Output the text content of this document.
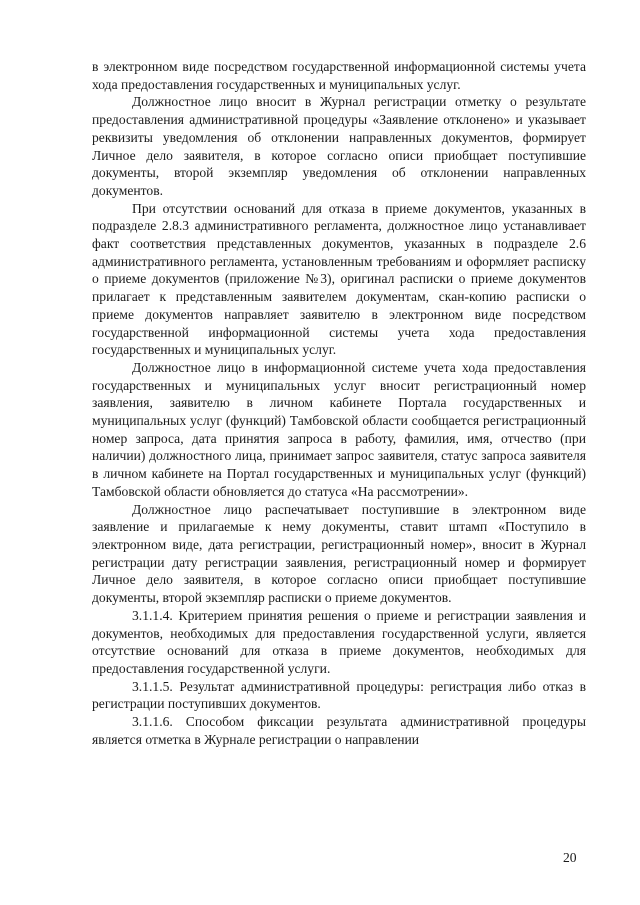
в электронном виде посредством государственной информационной системы учета хода предоставления государственных и муниципальных услуг.

Должностное лицо вносит в Журнал регистрации отметку о результате предоставления административной процедуры «Заявление отклонено» и указывает реквизиты уведомления об отклонении направленных документов, формирует Личное дело заявителя, в которое согласно описи приобщает поступившие документы, второй экземпляр уведомления об отклонении направленных документов.

При отсутствии оснований для отказа в приеме документов, указанных в подразделе 2.8.3 административного регламента, должностное лицо устанавливает факт соответствия представленных документов, указанных в подразделе 2.6 административного регламента, установленным требованиям и оформляет расписку о приеме документов (приложение №3), оригинал расписки о приеме документов прилагает к представленным заявителем документам, скан-копию расписки о приеме документов направляет заявителю в электронном виде посредством государственной информационной системы учета хода предоставления государственных и муниципальных услуг.

Должностное лицо в информационной системе учета хода предоставления государственных и муниципальных услуг вносит регистрационный номер заявления, заявителю в личном кабинете Портала государственных и муниципальных услуг (функций) Тамбовской области сообщается регистрационный номер запроса, дата принятия запроса в работу, фамилия, имя, отчество (при наличии) должностного лица, принимает запрос заявителя, статус запроса заявителя в личном кабинете на Портал государственных и муниципальных услуг (функций) Тамбовской области обновляется до статуса «На рассмотрении».

Должностное лицо распечатывает поступившие в электронном виде заявление и прилагаемые к нему документы, ставит штамп «Поступило в электронном виде, дата регистрации, регистрационный номер», вносит в Журнал регистрации дату регистрации заявления, регистрационный номер и формирует Личное дело заявителя, в которое согласно описи приобщает поступившие документы, второй экземпляр расписки о приеме документов.

3.1.1.4. Критерием принятия решения о приеме и регистрации заявления и документов, необходимых для предоставления государственной услуги, является отсутствие оснований для отказа в приеме документов, необходимых для предоставления государственной услуги.

3.1.1.5. Результат административной процедуры: регистрация либо отказ в регистрации поступивших документов.

3.1.1.6. Способом фиксации результата административной процедуры является отметка в Журнале регистрации о направлении

20
